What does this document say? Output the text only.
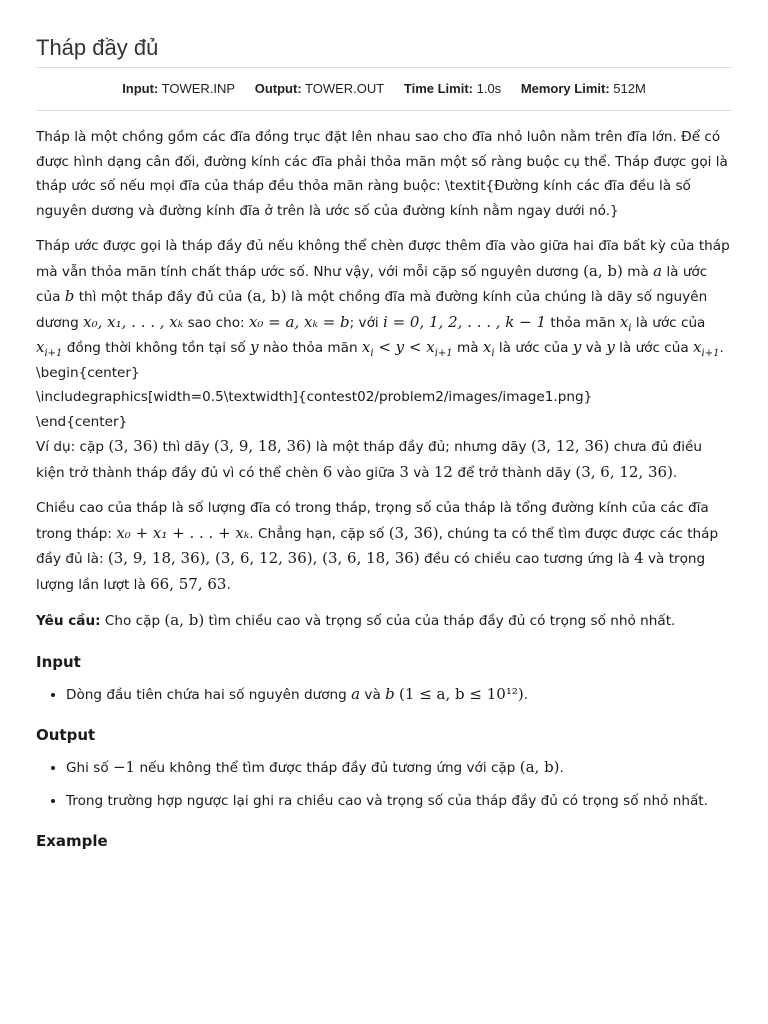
Tháp đầy đủ
Input: TOWER.INP Output: TOWER.OUT Time Limit: 1.0s Memory Limit: 512M

Tháp là một chồng gồm các đĩa đồng trục đặt lên nhau sao cho đĩa nhỏ luôn nằm trên đĩa lớn. Để có được hình dạng cân đối, đường kính các đĩa phải thỏa mãn một số ràng buộc cụ thể. Tháp được gọi là tháp ước số nếu mọi đĩa của tháp đều thỏa mãn ràng buộc: \textit{Đường kính các đĩa đều là số nguyên dương và đường kính đĩa ở trên là ước số của đường kính nằm ngay dưới nó.}

Tháp ước được gọi là tháp đầy đủ nếu không thể chèn được thêm đĩa vào giữa hai đĩa bất kỳ của tháp mà vẫn thỏa mãn tính chất tháp ước số. Như vậy, với mỗi cặp số nguyên dương (a, b) mà a là ước của b thì một tháp đầy đủ của (a, b) là một chồng đĩa mà đường kính của chúng là dãy số nguyên dương x₀, x₁, . . . , xₖ sao cho: x₀ = a, xₖ = b; với i = 0, 1, 2, . . . , k − 1 thỏa mãn $x_i$ là ước của $x_{i+1}$ đồng thời không tồn tại số y nào thỏa mãn $x_i < y < x_{i+1}$ mà $x_i$ là ước của y và y là ước của $x_{i+1}$.
\begin{center}
\includegraphics[width=0.5\textwidth]{contest02/problem2/images/image1.png}
\end{center}
Ví dụ: cặp (3, 36) thì dãy (3, 9, 18, 36) là một tháp đầy đủ; nhưng dãy (3, 12, 36) chưa đủ điều kiện trở thành tháp đầy đủ vì có thể chèn 6 vào giữa 3 và 12 để trở thành dãy (3, 6, 12, 36).

Chiều cao của tháp là số lượng đĩa có trong tháp, trọng số của tháp là tổng đường kính của các đĩa trong tháp: x₀ + x₁ + . . . + xₖ. Chẳng hạn, cặp số (3, 36), chúng ta có thể tìm được được các tháp đầy đủ là: (3, 9, 18, 36), (3, 6, 12, 36), (3, 6, 18, 36) đều có chiều cao tương ứng là 4 và trọng lượng lần lượt là 66, 57, 63.

Yêu cầu: Cho cặp (a, b) tìm chiều cao và trọng số của của tháp đầy đủ có trọng số nhỏ nhất.

Input
• Dòng đầu tiên chứa hai số nguyên dương a và b (1 ≤ a, b ≤ 10¹²).
Output
• Ghi số −1 nếu không thể tìm được tháp đầy đủ tương ứng với cặp (a, b).
• Trong trường hợp ngược lại ghi ra chiều cao và trọng số của tháp đầy đủ có trọng số nhỏ nhất.
Example
